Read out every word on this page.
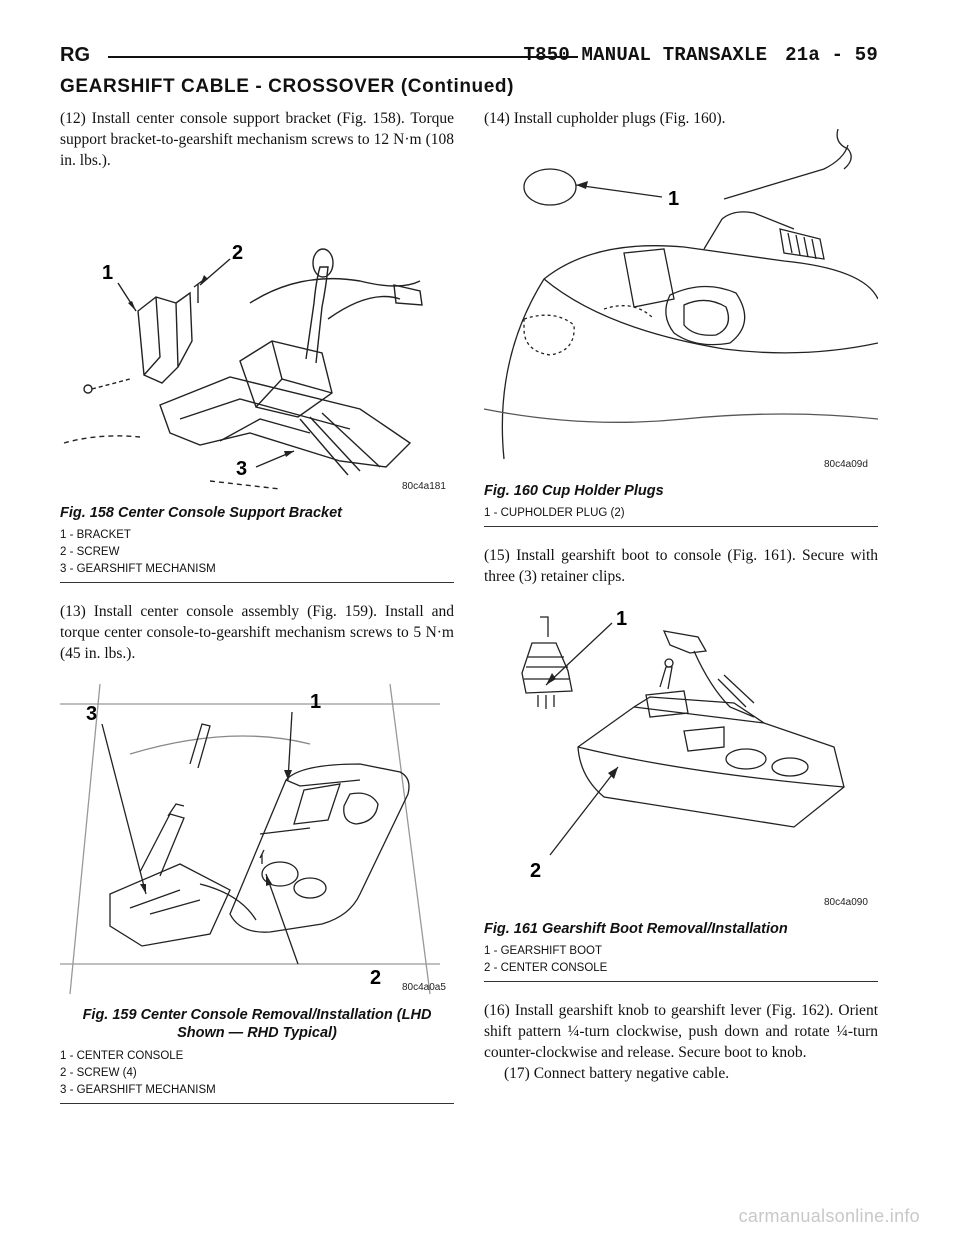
RG	T850 MANUAL TRANSAXLE 21a - 59
GEARSHIFT CABLE - CROSSOVER (Continued)

(12) Install center console support bracket (Fig. 158). Torque support bracket-to-gearshift mechanism screws to 12 N·m (108 in. lbs.).

1
2
3
80c4a181
Fig. 158 Center Console Support Bracket
1 - BRACKET
2 - SCREW
3 - GEARSHIFT MECHANISM

(13) Install center console assembly (Fig. 159). Install and torque center console-to-gearshift mechanism screws to 5 N·m (45 in. lbs.).

3
1
2 80c4a0a5
Fig. 159 Center Console Removal/Installation (LHD
Shown — RHD Typical)
1 - CENTER CONSOLE
2 - SCREW (4)
3 - GEARSHIFT MECHANISM

(14) Install cupholder plugs (Fig. 160).

1
80c4a09d
Fig. 160 Cup Holder Plugs
1 - CUPHOLDER PLUG (2)

(15) Install gearshift boot to console (Fig. 161). Secure with three (3) retainer clips.

1
2
80c4a090
Fig. 161 Gearshift Boot Removal/Installation
1 - GEARSHIFT BOOT
2 - CENTER CONSOLE

(16) Install gearshift knob to gearshift lever (Fig. 162). Orient shift pattern ¼-turn clockwise, push down and rotate ¼-turn counter-clockwise and release. Secure boot to knob.

(17) Connect battery negative cable.

carmanualsonline.info
